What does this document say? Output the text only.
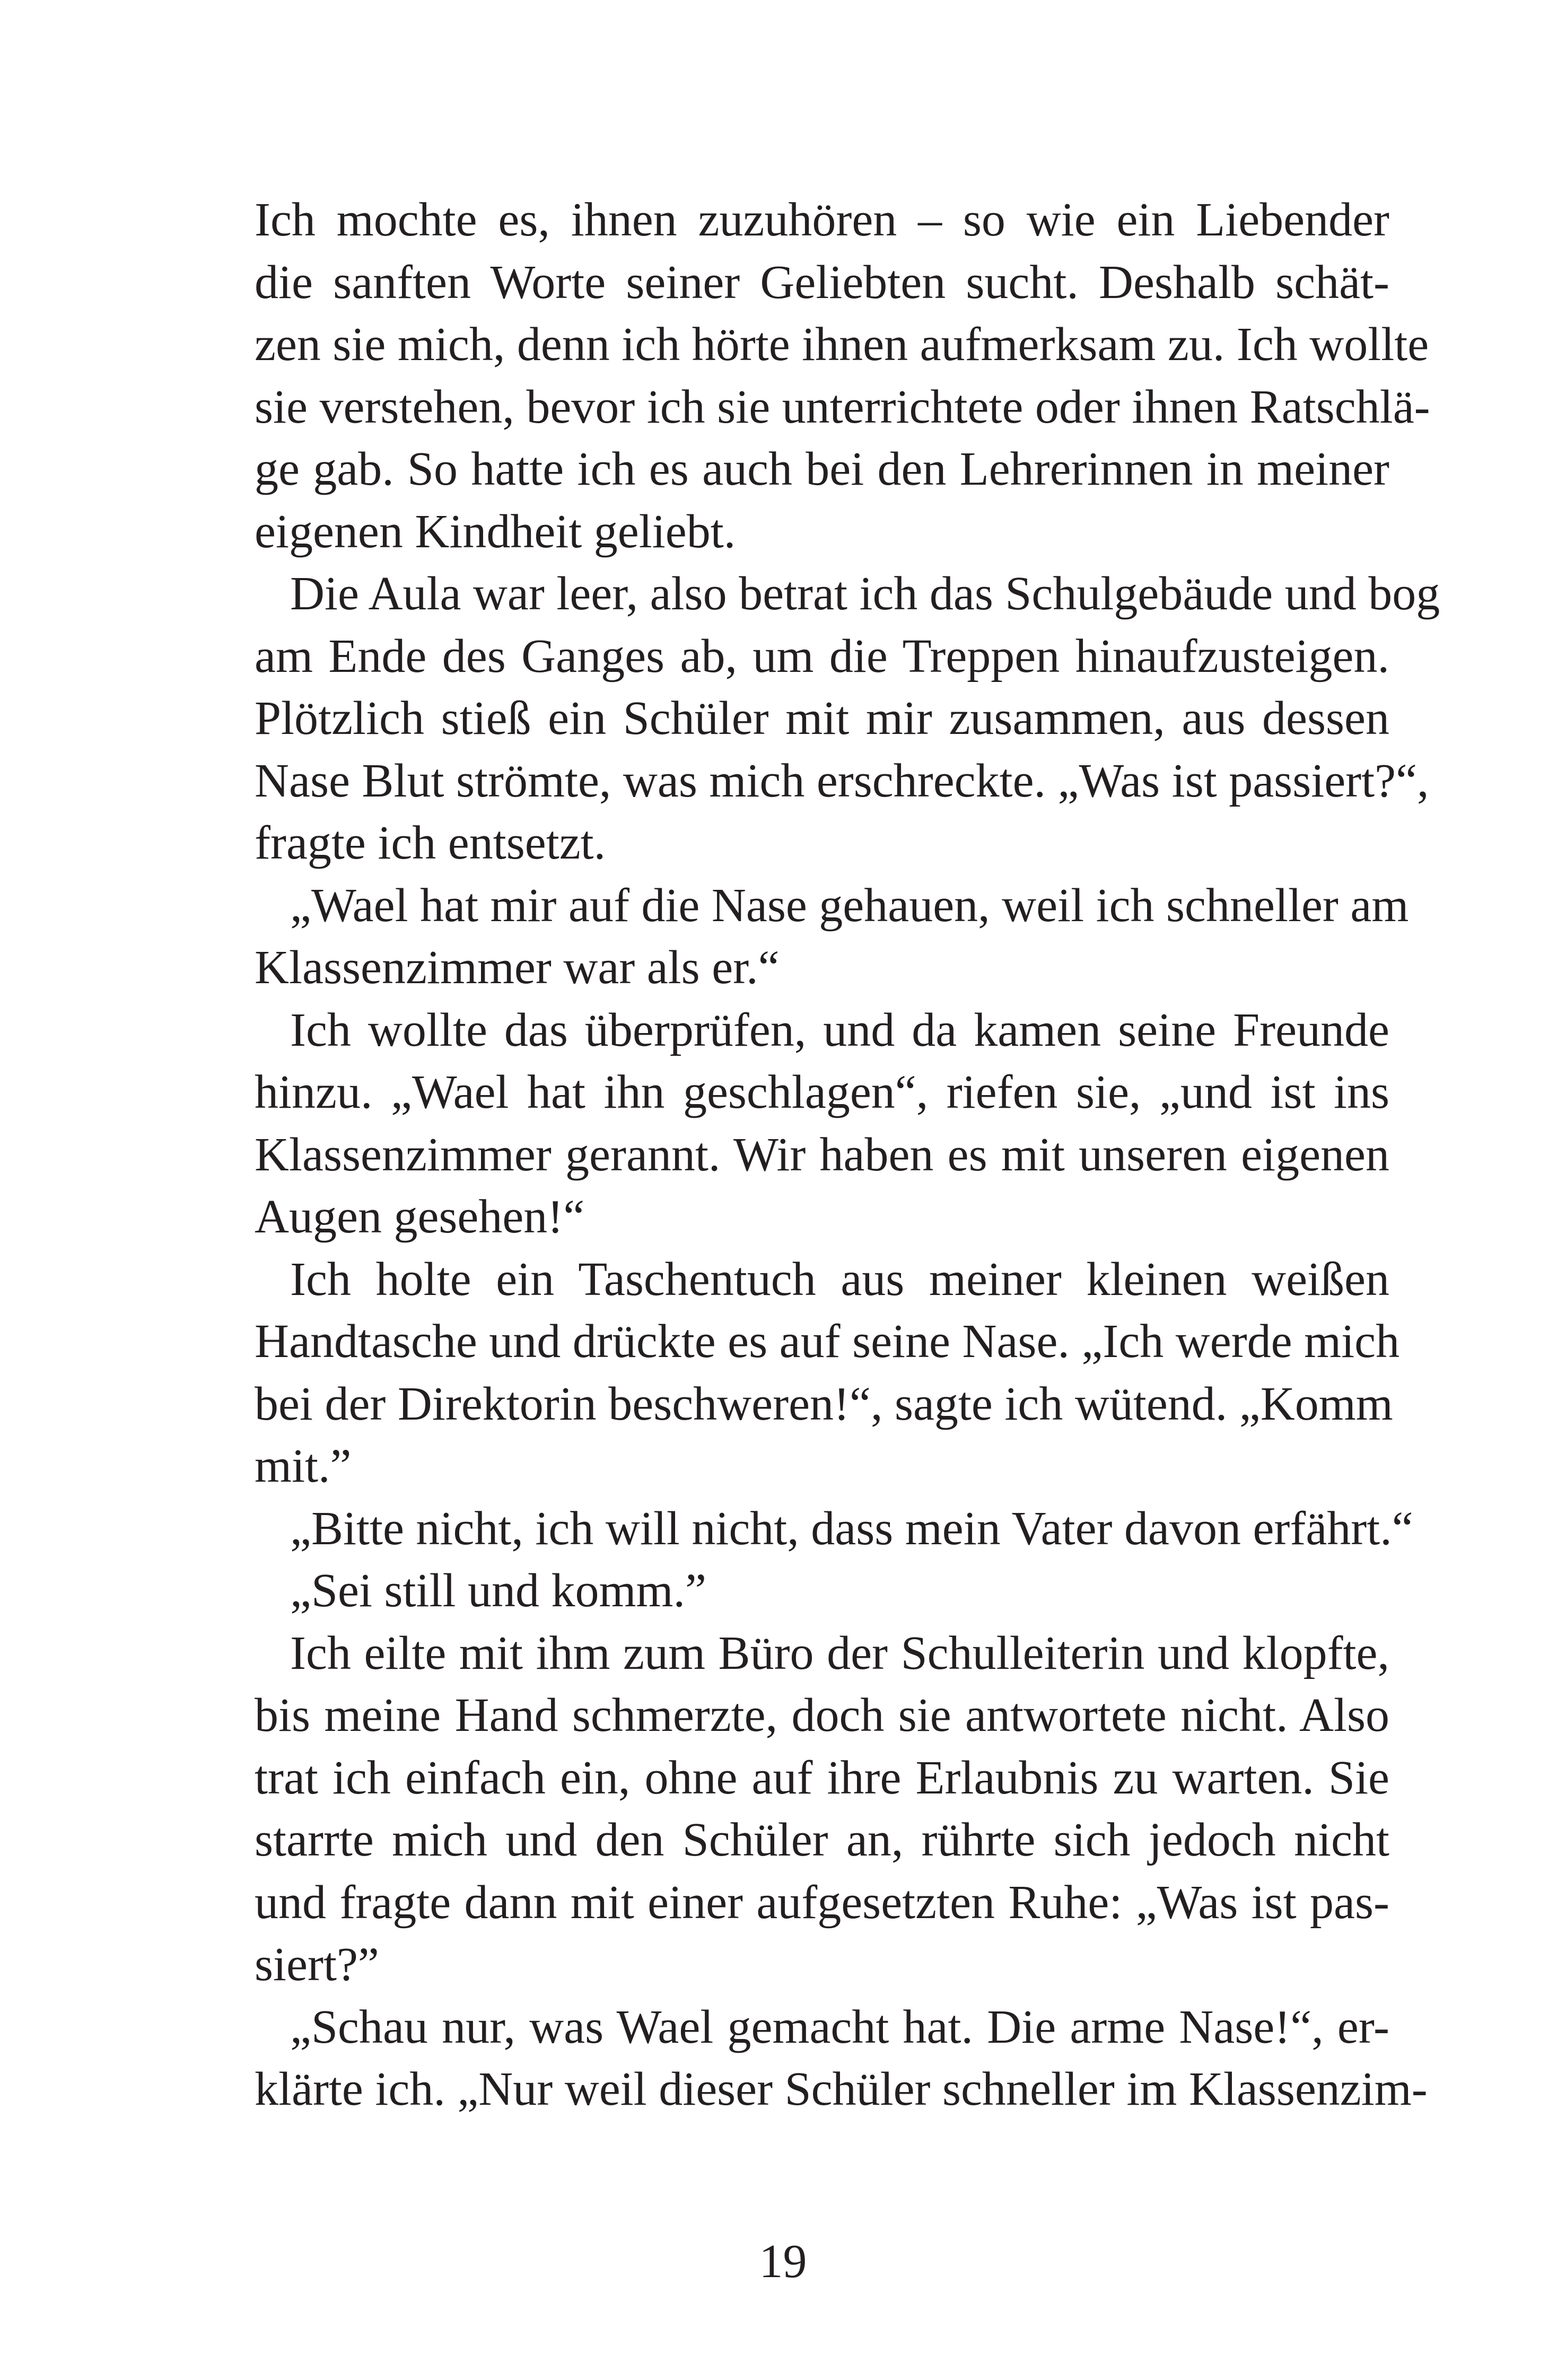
Ich mochte es, ihnen zuzuhören – so wie ein Liebender
die sanften Worte seiner Geliebten sucht. Deshalb schät-
zen sie mich, denn ich hörte ihnen aufmerksam zu. Ich wollte
sie verstehen, bevor ich sie unterrichtete oder ihnen Ratschlä-
ge gab. So hatte ich es auch bei den Lehrerinnen in meiner
eigenen Kindheit geliebt.
Die Aula war leer, also betrat ich das Schulgebäude und bog
am Ende des Ganges ab, um die Treppen hinaufzusteigen.
Plötzlich stieß ein Schüler mit mir zusammen, aus dessen
Nase Blut strömte, was mich erschreckte. „Was ist passiert?“,
fragte ich entsetzt.
„Wael hat mir auf die Nase gehauen, weil ich schneller am
Klassenzimmer war als er.“
Ich wollte das überprüfen, und da kamen seine Freunde
hinzu. „Wael hat ihn geschlagen“, riefen sie, „und ist ins
Klassenzimmer gerannt. Wir haben es mit unseren eigenen
Augen gesehen!“
Ich holte ein Taschentuch aus meiner kleinen weißen
Handtasche und drückte es auf seine Nase. „Ich werde mich
bei der Direktorin beschweren!“, sagte ich wütend. „Komm
mit.”
„Bitte nicht, ich will nicht, dass mein Vater davon erfährt.“
„Sei still und komm.”
Ich eilte mit ihm zum Büro der Schulleiterin und klopfte,
bis meine Hand schmerzte, doch sie antwortete nicht. Also
trat ich einfach ein, ohne auf ihre Erlaubnis zu warten. Sie
starrte mich und den Schüler an, rührte sich jedoch nicht
und fragte dann mit einer aufgesetzten Ruhe: „Was ist pas-
siert?”
„Schau nur, was Wael gemacht hat. Die arme Nase!“, er-
klärte ich. „Nur weil dieser Schüler schneller im Klassenzim-
19
